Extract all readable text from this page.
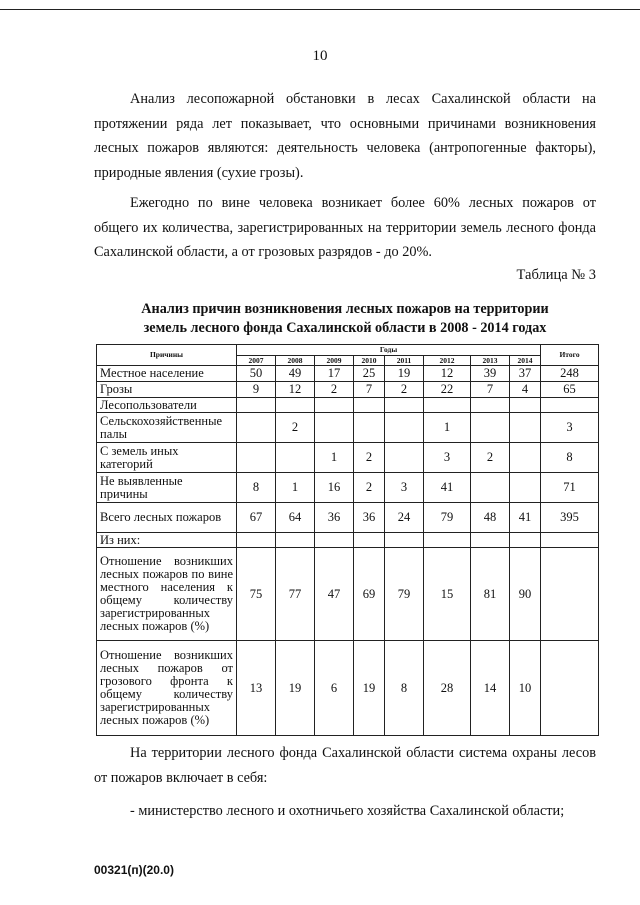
10

Анализ лесопожарной обстановки в лесах Сахалинской области на протяжении ряда лет показывает, что основными причинами возникновения лесных пожаров являются: деятельность человека (антропогенные факторы), природные явления (сухие грозы).

Ежегодно по вине человека возникает более 60% лесных пожаров от общего их количества, зарегистрированных на территории земель лесного фонда Сахалинской области, а от грозовых разрядов - до 20%.

Таблица № 3
Анализ причин возникновения лесных пожаров на территории
земель лесного фонда Сахалинской области в 2008 - 2014 годах
Причины	Годы								Итого
	2007	2008	2009	2010	2011	2012	2013	2014	
Местное население	50	49	17	25	19	12	39	37	248
Грозы	9	12	2	7	2	22	7	4	65
Лесопользователи									
Сельскохозяйственные палы		2				1			3
С земель иных категорий			1	2		3	2		8
Не выявленные причины	8	1	16	2	3	41			71
Всего лесных пожаров	67	64	36	36	24	79	48	41	395
Из них:									
Отношение возникших лесных пожаров по вине местного населения к общему количеству зарегистрированных лесных пожаров (%)	75	77	47	69	79	15	81	90	
Отношение возникших лесных пожаров от грозового фронта к общему количеству зарегистрированных лесных пожаров (%)	13	19	6	19	8	28	14	10	

На территории лесного фонда Сахалинской области система охраны лесов от пожаров включает в себя:

- министерство лесного и охотничьего хозяйства Сахалинской области;

00321(п)(20.0)
